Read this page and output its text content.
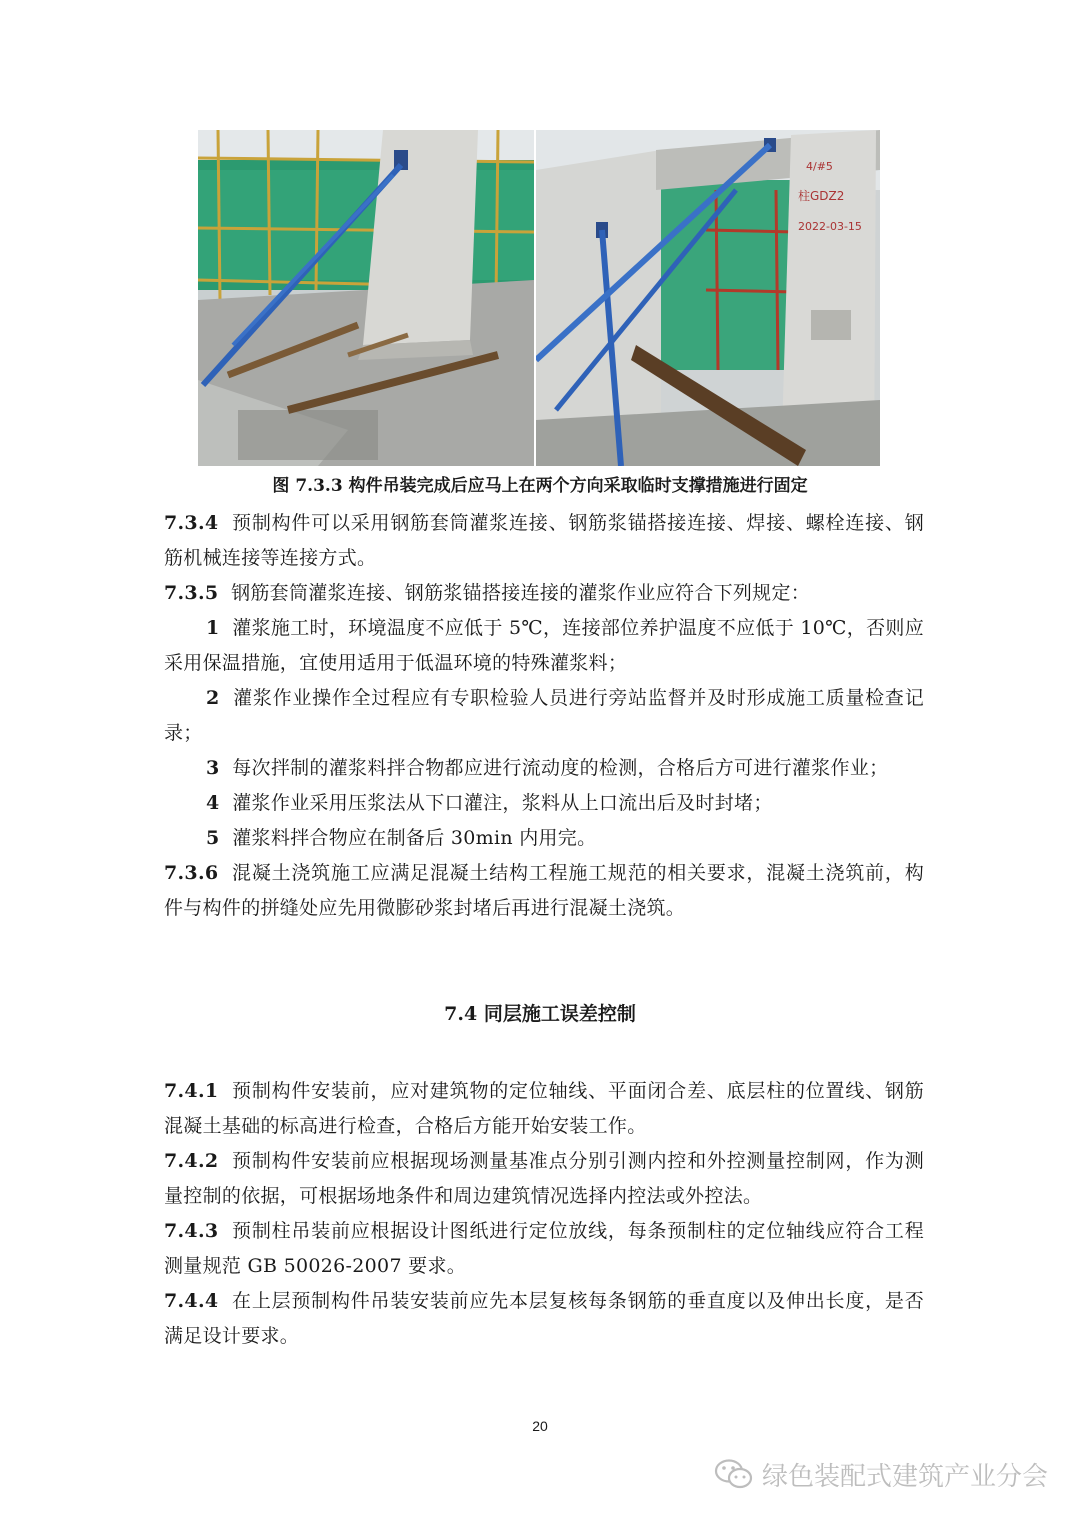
4/#5
柱GDZ2
2022-03-15
图 7.3.3 构件吊装完成后应马上在两个方向采取临时支撑措施进行固定

7.3.4 预制构件可以采用钢筋套筒灌浆连接、钢筋浆锚搭接连接、焊接、螺栓连接、钢筋机械连接等连接方式。

7.3.5 钢筋套筒灌浆连接、钢筋浆锚搭接连接的灌浆作业应符合下列规定：

1 灌浆施工时，环境温度不应低于 5℃，连接部位养护温度不应低于 10℃，否则应采用保温措施，宜使用适用于低温环境的特殊灌浆料；

2 灌浆作业操作全过程应有专职检验人员进行旁站监督并及时形成施工质量检查记录；

3 每次拌制的灌浆料拌合物都应进行流动度的检测，合格后方可进行灌浆作业；

4 灌浆作业采用压浆法从下口灌注，浆料从上口流出后及时封堵；

5 灌浆料拌合物应在制备后 30min 内用完。

7.3.6 混凝土浇筑施工应满足混凝土结构工程施工规范的相关要求，混凝土浇筑前，构件与构件的拼缝处应先用微膨砂浆封堵后再进行混凝土浇筑。

7.4 同层施工误差控制

7.4.1 预制构件安装前，应对建筑物的定位轴线、平面闭合差、底层柱的位置线、钢筋混凝土基础的标高进行检查，合格后方能开始安装工作。

7.4.2 预制构件安装前应根据现场测量基准点分别引测内控和外控测量控制网，作为测量控制的依据，可根据场地条件和周边建筑情况选择内控法或外控法。

7.4.3 预制柱吊装前应根据设计图纸进行定位放线，每条预制柱的定位轴线应符合工程测量规范 GB 50026-2007 要求。

7.4.4 在上层预制构件吊装安装前应先本层复核每条钢筋的垂直度以及伸出长度，是否满足设计要求。

20
绿色装配式建筑产业分会
